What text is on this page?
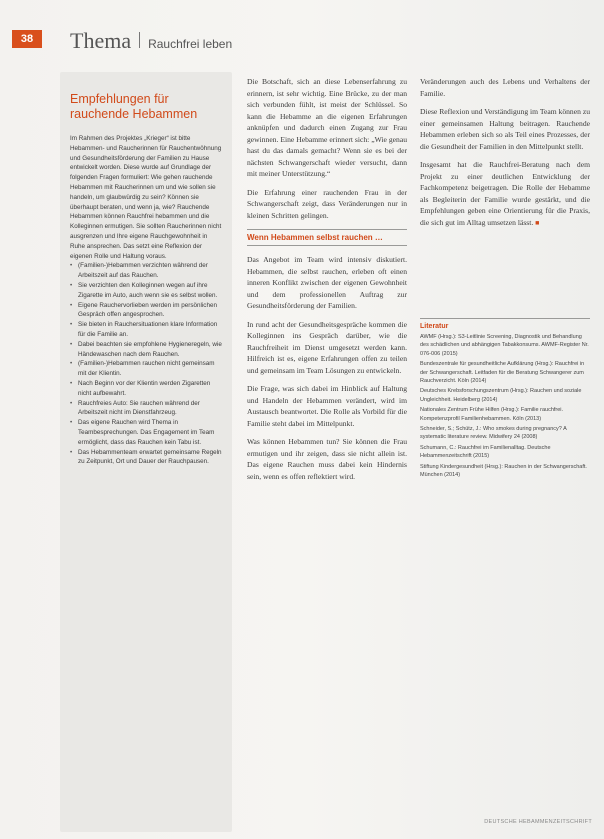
38	Thema Rauchfrei leben
Empfehlungen für rauchende Hebammen

Im Rahmen des Projektes „Krieger“ ist bitte Hebammen- und Raucherinnen für Rauchentwöhnung und Gesundheitsförderung der Familien zu Hause entwickelt worden. Diese wurde auf Grundlage der folgenden Fragen formuliert: Wie gehen rauchende Hebammen mit Raucherinnen um und wie sollen sie handeln, um glaubwürdig zu sein? Können sie überhaupt beraten, und wenn ja, wie? Rauchende Hebammen können Rauchfrei hebammen und die Kolleginnen ermutigen. Sie sollten Raucherinnen nicht ausgrenzen und Ihre eigene Rauchgewohnheit in Ruhe ansprechen. Das setzt eine Reflexion der eigenen Rolle und Haltung voraus.

• (Familien-)Hebammen verzichten während der Arbeitszeit auf das Rauchen.
• Sie verzichten den Kolleginnen wegen auf ihre Zigarette im Auto, auch wenn sie es selbst wollen.
• Eigene Rauchervorlieben werden im persönlichen Gespräch offen angesprochen.
• Sie bieten in Rauchersituationen klare Information für die Familie an.
• Dabei beachten sie empfohlene Hygieneregeln, wie Händewaschen nach dem Rauchen.
• (Familien-)Hebammen rauchen nicht gemeinsam mit der Klientin.
• Nach Beginn vor der Klientin werden Zigaretten nicht aufbewahrt.
• Rauchfreies Auto: Sie rauchen während der Arbeitszeit nicht im Dienstfahrzeug.
• Das eigene Rauchen wird Thema in Teambesprechungen. Das Engagement im Team ermöglicht, dass das Rauchen kein Tabu ist.
• Das Hebammenteam erwartet gemeinsame Regeln zu Zeitpunkt, Ort und Dauer der Rauchpausen.

Die Botschaft, sich an diese Lebenserfahrung zu erinnern, ist sehr wichtig. Eine Brücke, zu der man sich verbunden fühlt, ist meist der Schlüssel. So kann die Hebamme an die eigenen Erfahrungen anknüpfen und dadurch einen Zugang zur Frau gewinnen. Eine Hebamme erinnert sich: „Wie genau hast du das damals gemacht? Wenn sie es bei der nächsten Schwangerschaft wieder versucht, dann mit meiner Unterstützung.“

Die Erfahrung einer rauchenden Frau in der Schwangerschaft zeigt, dass Veränderungen nur in kleinen Schritten gelingen.

Wenn Hebammen selbst rauchen …

Das Angebot im Team wird intensiv diskutiert. Hebammen, die selbst rauchen, erleben oft einen inneren Konflikt zwischen der eigenen Gewohnheit und dem professionellen Auftrag zur Gesundheitsförderung der Familien.

In rund acht der Gesundheitsgespräche kommen die Kolleginnen ins Gespräch darüber, wie die Rauchfreiheit im Dienst umgesetzt werden kann. Hilfreich ist es, eigene Erfahrungen offen zu teilen und gemeinsam im Team Lösungen zu entwickeln.

Die Frage, was sich dabei im Hinblick auf Haltung und Handeln der Hebammen verändert, wird im Austausch beantwortet. Die Rolle als Vorbild für die Familie steht dabei im Mittelpunkt.

Was können Hebammen tun? Sie können die Frau ermutigen und ihr zeigen, dass sie nicht allein ist. Das eigene Rauchen muss dabei kein Hindernis sein, wenn es offen reflektiert wird.

Veränderungen auch des Lebens und Verhaltens der Familie.

Diese Reflexion und Verständigung im Team können zu einer gemeinsamen Haltung beitragen. Rauchende Hebammen erleben sich so als Teil eines Prozesses, der die Gesundheit der Familien in den Mittelpunkt stellt.

Insgesamt hat die Rauchfrei-Beratung nach dem Projekt zu einer deutlichen Entwicklung der Fachkompetenz beigetragen. Die Rolle der Hebamme als Begleiterin der Familie wurde gestärkt, und die Empfehlungen geben eine Orientierung für die Praxis, die sich gut im Alltag umsetzen lässt. ■

Literatur

AWMF (Hrsg.): S3-Leitlinie Screening, Diagnostik und Behandlung des schädlichen und abhängigen Tabakkonsums. AWMF-Register Nr. 076-006 (2015)

Bundeszentrale für gesundheitliche Aufklärung (Hrsg.): Rauchfrei in der Schwangerschaft. Leitfaden für die Beratung Schwangerer zum Rauchverzicht. Köln (2014)

Deutsches Krebsforschungszentrum (Hrsg.): Rauchen und soziale Ungleichheit. Heidelberg (2014)

Nationales Zentrum Frühe Hilfen (Hrsg.): Familie rauchfrei. Kompetenzprofil Familienhebammen. Köln (2013)

Schneider, S.; Schütz, J.: Who smokes during pregnancy? A systematic literature review. Midwifery 24 (2008)

Schumann, C.: Rauchfrei im Familienalltag. Deutsche Hebammenzeitschrift (2015)

Stiftung Kindergesundheit (Hrsg.): Rauchen in der Schwangerschaft. München (2014)

DEUTSCHE HEBAMMENZEITSCHRIFT
